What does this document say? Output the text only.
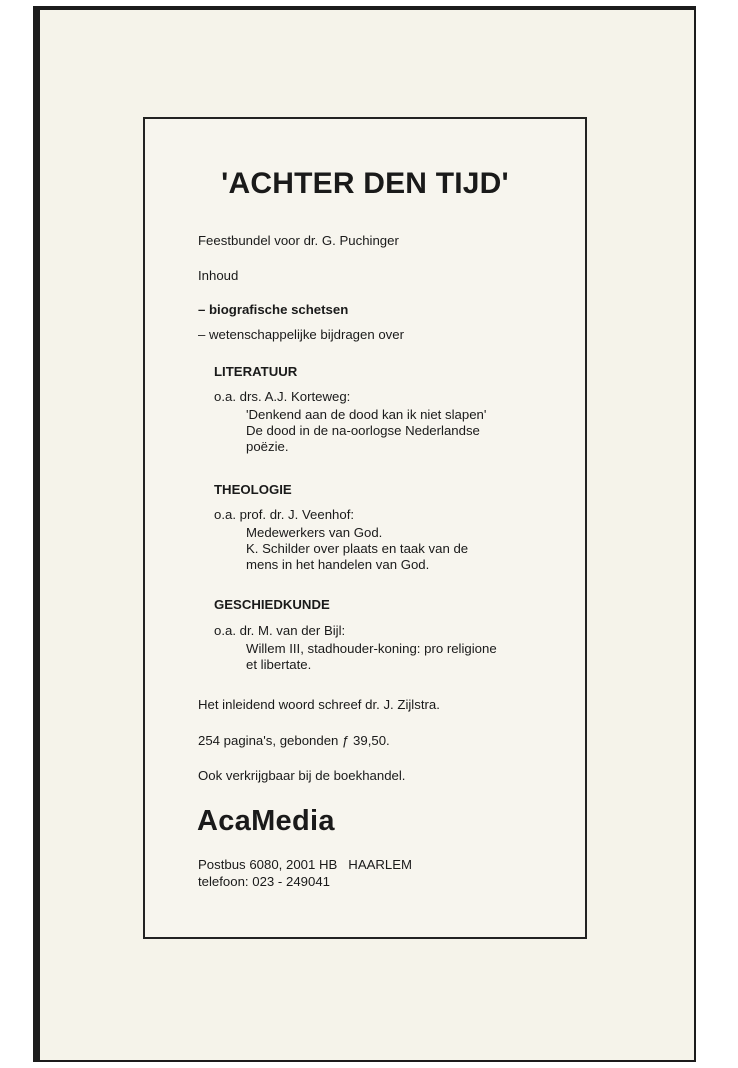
'ACHTER DEN TIJD'
Feestbundel voor dr. G. Puchinger
Inhoud
– biografische schetsen
– wetenschappelijke bijdragen over
LITERATUUR
o.a. drs. A.J. Korteweg:
'Denkend aan de dood kan ik niet slapen'
De dood in de na-oorlogse Nederlandse
poëzie.
THEOLOGIE
o.a. prof. dr. J. Veenhof:
Medewerkers van God.
K. Schilder over plaats en taak van de
mens in het handelen van God.
GESCHIEDKUNDE
o.a. dr. M. van der Bijl:
Willem III, stadhouder-koning: pro religione
et libertate.
Het inleidend woord schreef dr. J. Zijlstra.
254 pagina's, gebonden ƒ 39,50.
Ook verkrijgbaar bij de boekhandel.
AcaMedia
Postbus 6080, 2001 HB   HAARLEM
telefoon: 023 - 249041
